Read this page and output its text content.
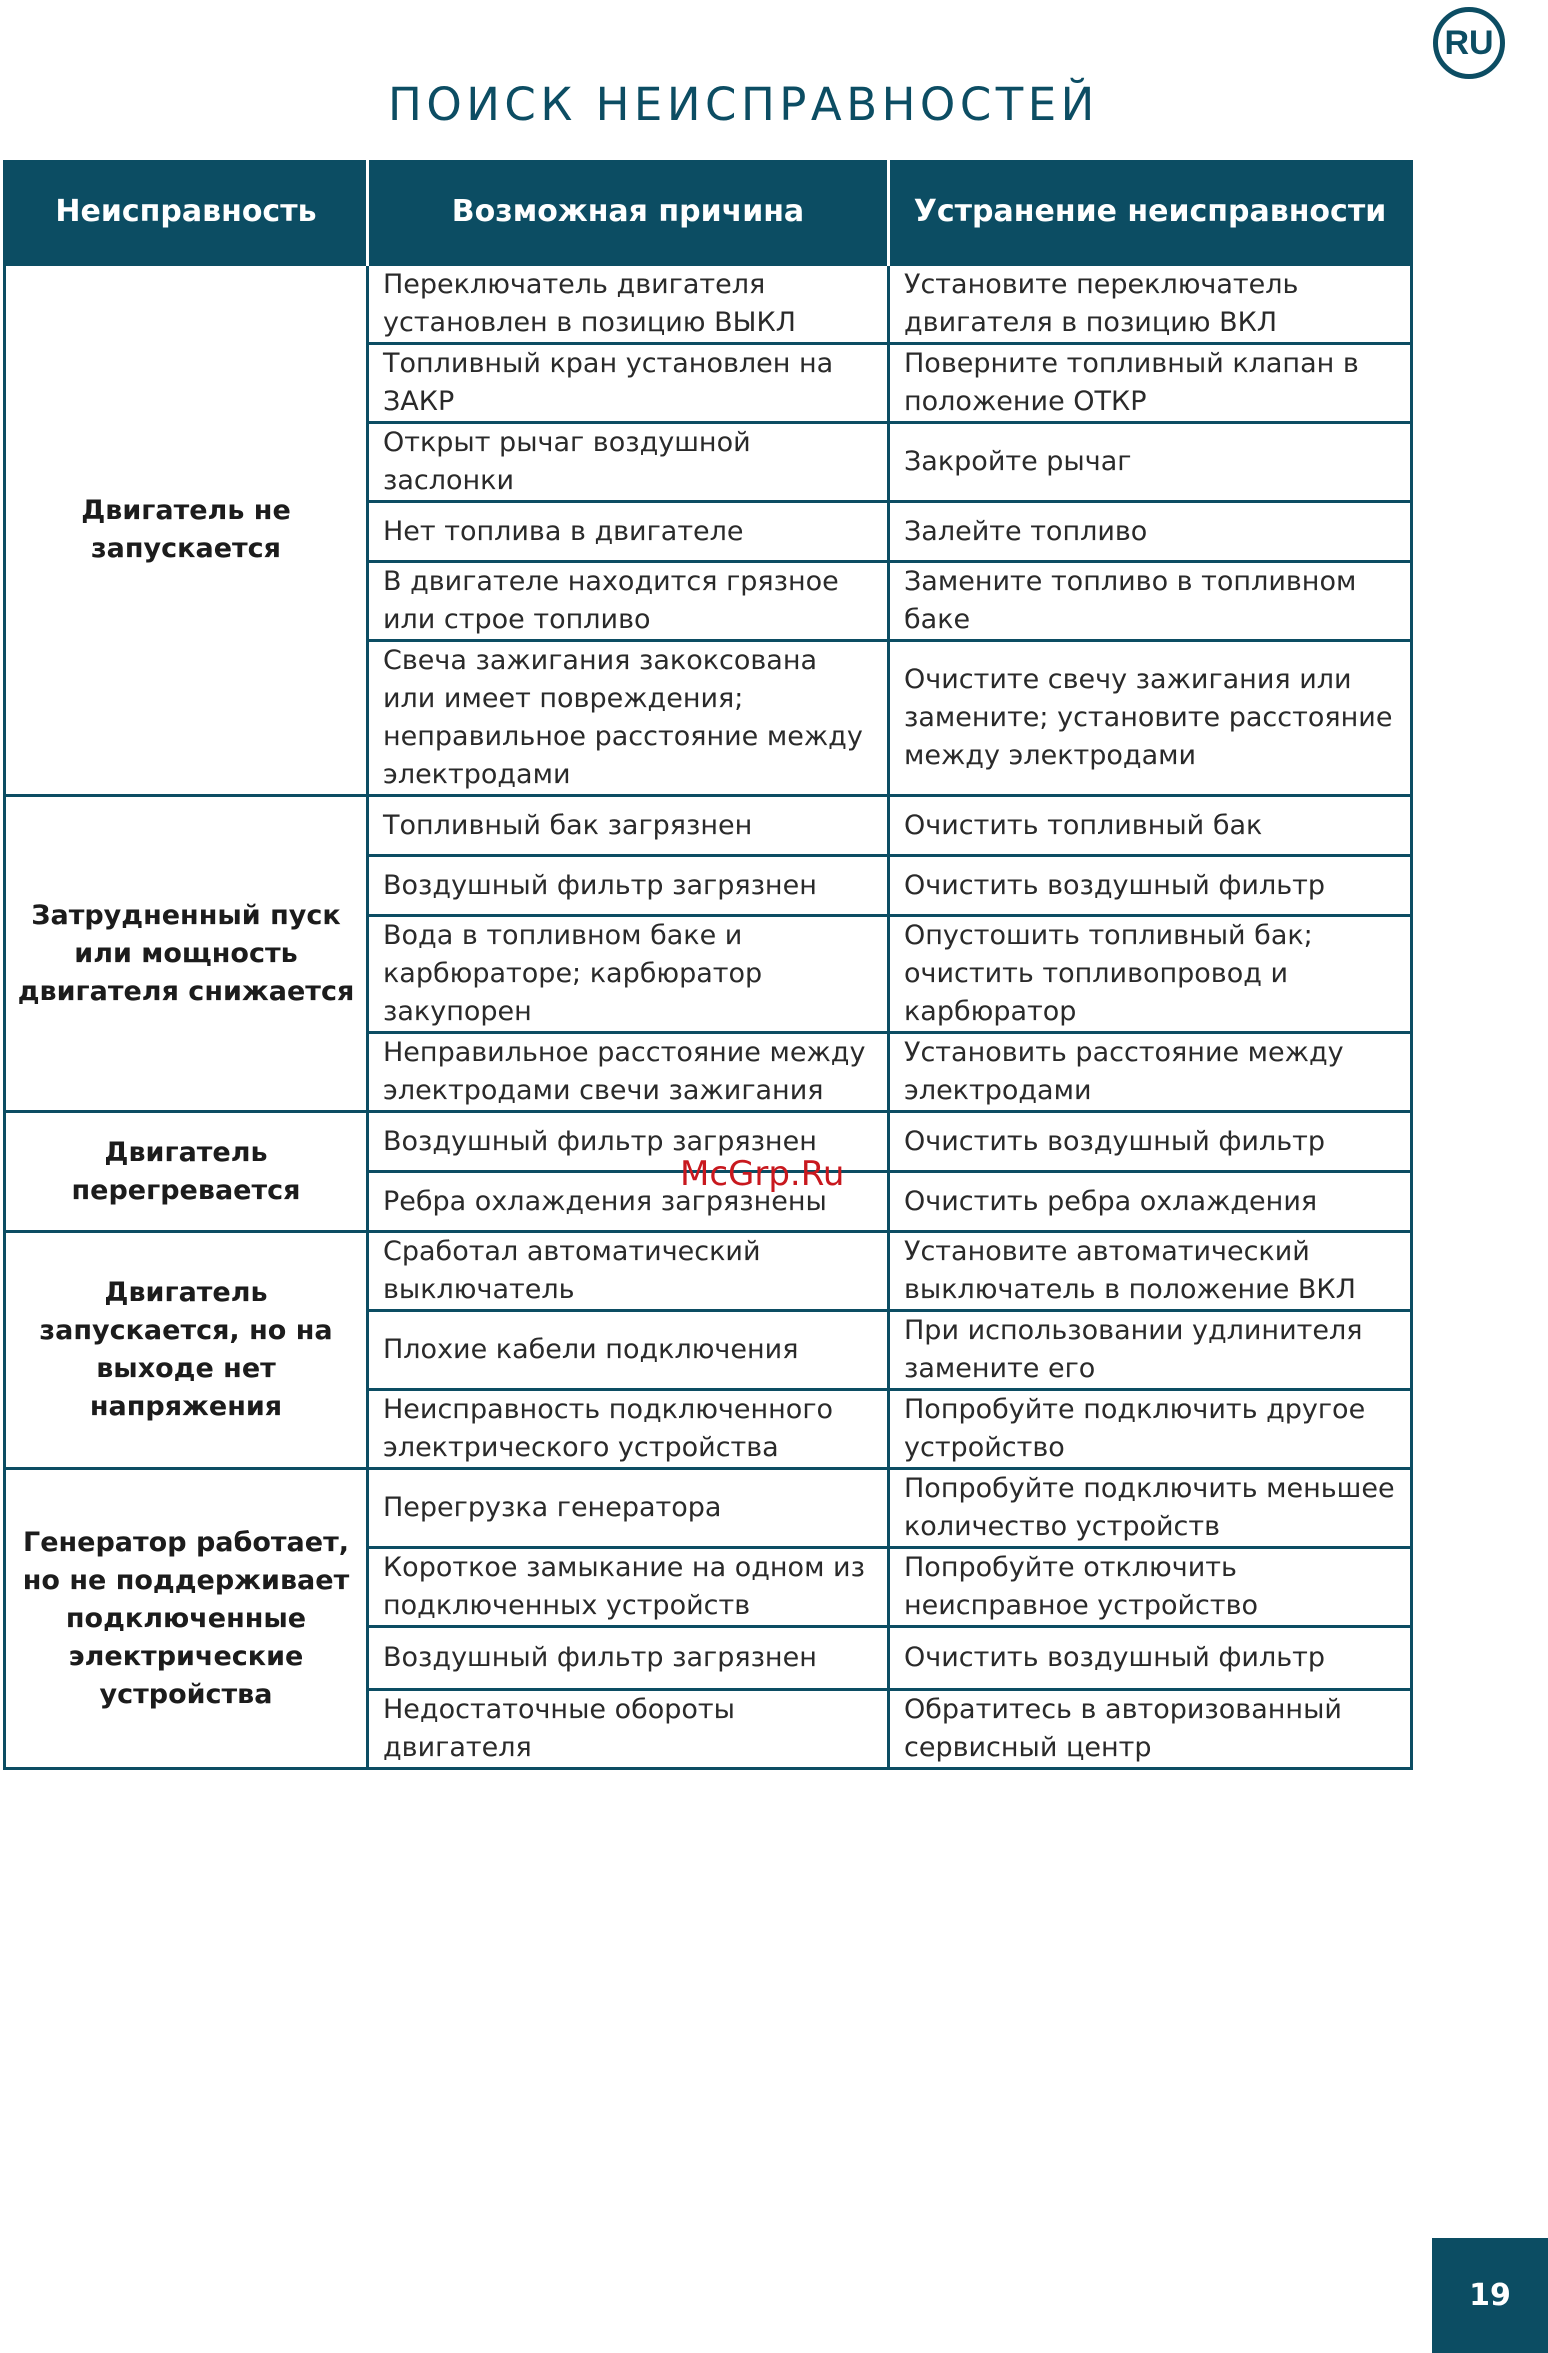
RU
ПОИСК НЕИСПРАВНОСТЕЙ
Неисправность	Возможная причина	Устранение неисправности
Двигатель не запускается	Переключатель двигателя установлен в позицию ВЫКЛ	Установите переключатель двигателя в позицию ВКЛ
	Топливный кран установлен на ЗАКР	Поверните топливный клапан в положение ОТКР
	Открыт рычаг воздушной заслонки	Закройте рычаг
	Нет топлива в двигателе	Залейте топливо
	В двигателе находится грязное или строе топливо	Замените топливо в топливном баке
	Свеча зажигания закоксована или имеет повреждения; неправильное расстояние между электродами	Очистите свечу зажигания или замените; установите расстояние между электродами
Затрудненный пуск или мощность двигателя снижается	Топливный бак загрязнен	Очистить топливный бак
	Воздушный фильтр загрязнен	Очистить воздушный фильтр
	Вода в топливном баке и карбюраторе; карбюратор закупорен	Опустошить топливный бак; очистить топливопровод и карбюратор
	Неправильное расстояние между электродами свечи зажигания	Установить расстояние между электродами
Двигатель перегревается	Воздушный фильтр загрязнен	Очистить воздушный фильтр
	Ребра охлаждения загрязнены	Очистить ребра охлаждения
Двигатель запускается, но на выходе нет напряжения	Сработал автоматический выключатель	Установите автоматический выключатель в положение ВКЛ
	Плохие кабели подключения	При использовании удлинителя замените его
	Неисправность подключенного электрического устройства	Попробуйте подключить другое устройство
Генератор работает, но не поддерживает подключенные электрические устройства	Перегрузка генератора	Попробуйте подключить меньшее количество устройств
	Короткое замыкание на одном из подключенных устройств	Попробуйте отключить неисправное устройство
	Воздушный фильтр загрязнен	Очистить воздушный фильтр
	Недостаточные обороты двигателя	Обратитесь в авторизованный сервисный центр
McGrp.Ru
19
